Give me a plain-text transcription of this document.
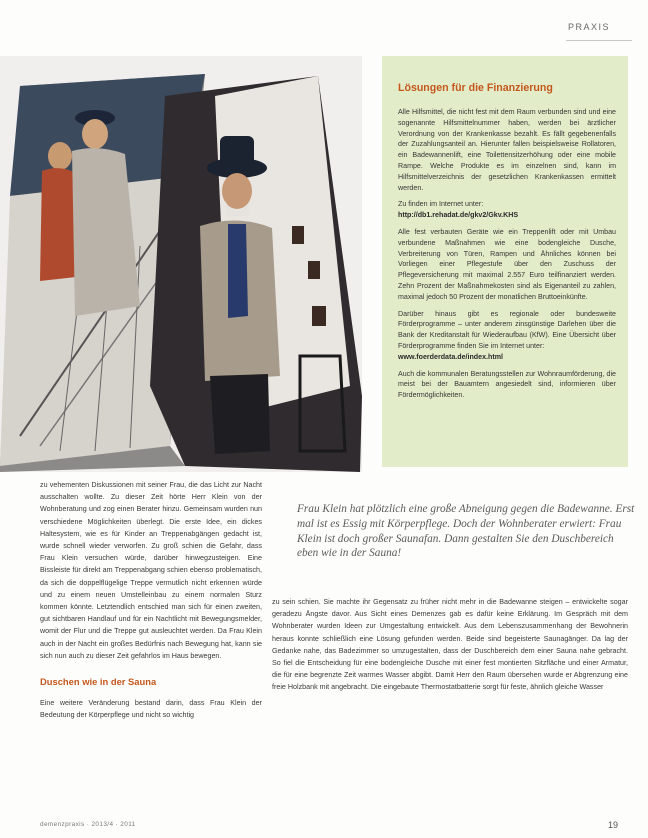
PRAXIS
Lösungen für die Finanzierung

Alle Hilfsmittel, die nicht fest mit dem Raum verbunden sind und eine sogenannte Hilfsmittelnummer haben, werden bei ärztlicher Verordnung von der Krankenkasse bezahlt. Es fällt gegebenenfalls der Zuzahlungsanteil an. Hierunter fallen beispielsweise Rollatoren, ein Badewannenlift, eine Toilettensitzerhöhung oder eine mobile Rampe. Welche Produkte es im einzelnen sind, kann im Hilfsmittelverzeichnis der gesetzlichen Krankenkassen ermittelt werden.

Zu finden im Internet unter:

http://db1.rehadat.de/gkv2/Gkv.KHS

Alle fest verbauten Geräte wie ein Treppenlift oder mit Umbau verbundene Maßnahmen wie eine bodengleiche Dusche, Verbreiterung von Türen, Rampen und Ähnliches können bei Vorliegen einer Pflegestufe über den Zuschuss der Pflegeversicherung mit maximal 2.557 Euro teilfinanziert werden. Zehn Prozent der Maßnahmekosten sind als Eigenanteil zu zahlen, maximal jedoch 50 Prozent der monatlichen Bruttoeinkünfte.

Darüber hinaus gibt es regionale oder bundesweite Förderprogramme – unter anderem zinsgünstige Darlehen über die Bank der Kreditanstalt für Wiederaufbau (KfW). Eine Übersicht über Förderprogramme finden Sie im Internet unter:

www.foerderdata.de/index.html

Auch die kommunalen Beratungsstellen zur Wohnraumförderung, die meist bei der Bauamtern angesiedelt sind, informieren über Fördermöglichkeiten.

Frau Klein hat plötzlich eine große Abneigung gegen die Badewanne. Erst mal ist es Essig mit Körperpflege. Doch der Wohnberater erwiert: Frau Klein ist doch großer Saunafan. Dann gestalten Sie den Duschbereich eben wie in der Sauna!

zu vehementen Diskussionen mit seiner Frau, die das Licht zur Nacht ausschalten wollte. Zu dieser Zeit hörte Herr Klein von der Wohnberatung und zog einen Berater hinzu. Gemeinsam wurden nun verschiedene Möglichkeiten überlegt. Die erste Idee, ein dickes Haltesystem, wie es für Kinder an Treppenabgängen gedacht ist, wurde schnell wieder verworfen. Zu groß schien die Gefahr, dass Frau Klein versuchen würde, darüber hinwegzusteigen. Eine Bissleiste für direkt am Treppenabgang schien ebenso problematisch, da sich die doppelflügelige Treppe vermutlich nicht erkennen würde und zu einem neuen Umstelleinbau zu einem normalen Sturz kommen könnte. Letztendlich entschied man sich für einen zweiten, gut sichtbaren Handlauf und für ein Nachtlicht mit Bewegungsmelder, womit der Flur und die Treppe gut ausleuchtet werden. Da Frau Klein auch in der Nacht ein großes Bedürfnis nach Bewegung hat, kann sie sich nun auch zu dieser Zeit gefahrlos im Haus bewegen.

Duschen wie in der Sauna

Eine weitere Veränderung bestand darin, dass Frau Klein der Bedeutung der Körperpflege und nicht so wichtig

zu sein schien. Sie machte ihr Gegensatz zu früher nicht mehr in die Badewanne steigen – entwickelte sogar geradezu Ängste davor. Aus Sicht eines Demenzes gab es dafür keine Erklärung. Im Gespräch mit dem Wohnberater wurden Ideen zur Umgestaltung entwickelt. Aus dem Lebenszusammenhang der Bewohnerin heraus konnte schließlich eine Lösung gefunden werden. Beide sind begeisterte Saunagänger. Da lag der Gedanke nahe, das Badezimmer so umzugestalten, dass der Duschbereich dem einer Sauna nahe gebracht. So fiel die Entscheidung für eine bodengleiche Dusche mit einer fest montierten Sitzfläche und einer Armatur, die für eine begrenzte Zeit warmes Wasser abgibt. Damit Herr den Raum übersehen wurde er Abgrenzung eine freie Holzbank mit angebracht. Die eingebaute Thermostatbatterie sorgt für feste, ähnlich gleiche Wasser

demenzpraxis · 2013/4 · 2011	19
